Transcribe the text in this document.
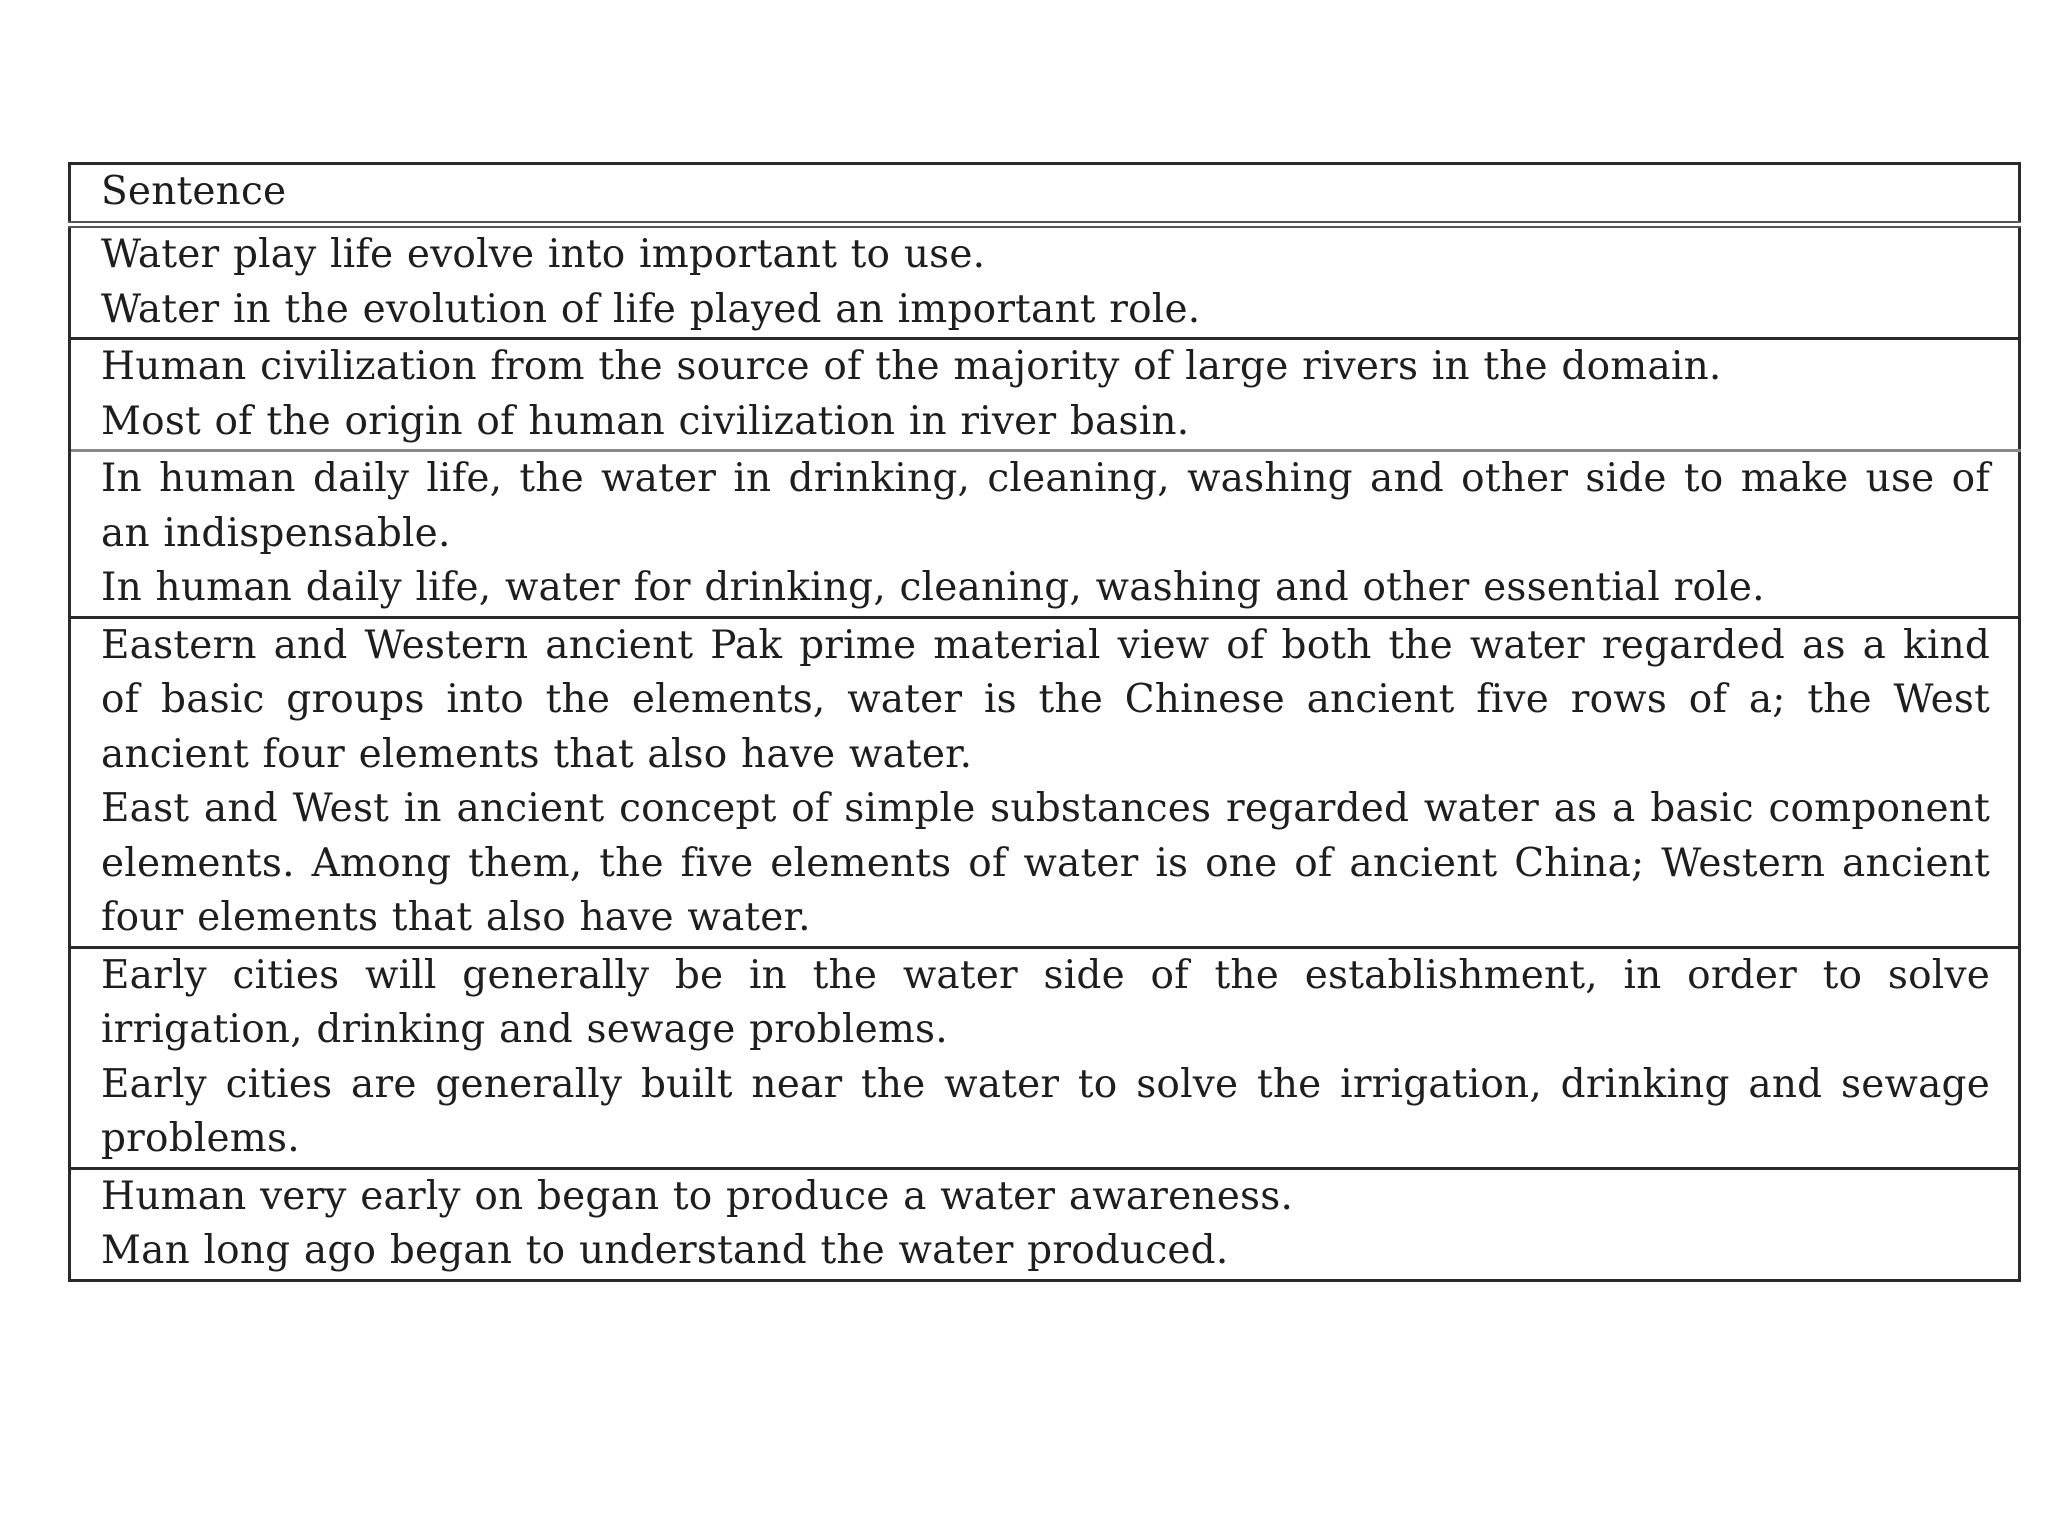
Sentence

Water play life evolve into important to use.
Water in the evolution of life played an important role.

Human civilization from the source of the majority of large rivers in the domain.
Most of the origin of human civilization in river basin.

In human daily life, the water in drinking, cleaning, washing and other side to make use of an indispensable.
In human daily life, water for drinking, cleaning, washing and other essential role.

Eastern and Western ancient Pak prime material view of both the water regarded as a kind of basic groups into the elements, water is the Chinese ancient five rows of a; the West ancient four elements that also have water.
East and West in ancient concept of simple substances regarded water as a basic component elements. Among them, the five elements of water is one of ancient China; Western ancient four elements that also have water.

Early cities will generally be in the water side of the establishment, in order to solve irrigation, drinking and sewage problems.
Early cities are generally built near the water to solve the irrigation, drinking and sewage problems.

Human very early on began to produce a water awareness.
Man long ago began to understand the water produced.
